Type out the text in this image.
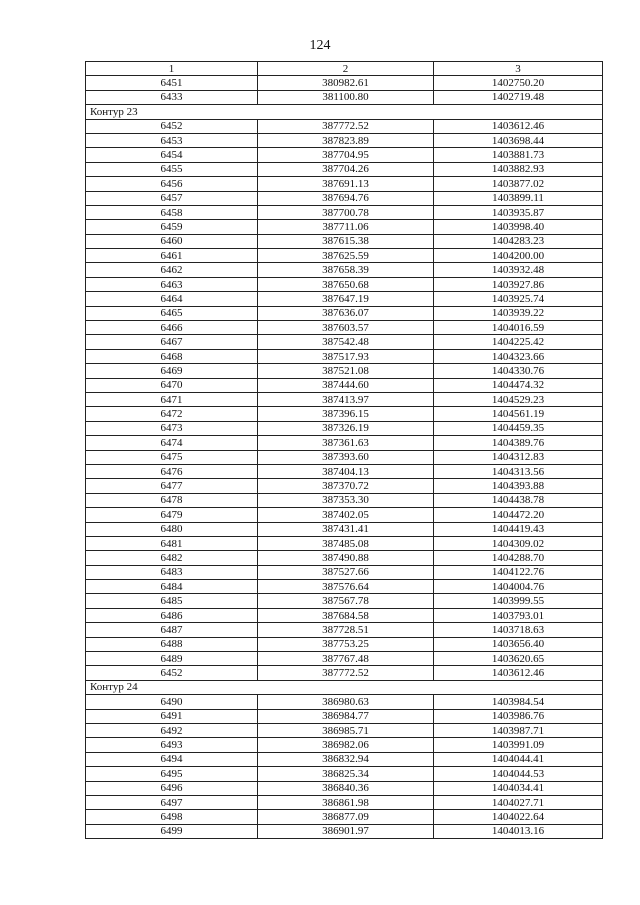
124
1	2	3
6451	380982.61	1402750.20
6433	381100.80	1402719.48
Контур 23		
6452	387772.52	1403612.46
6453	387823.89	1403698.44
6454	387704.95	1403881.73
6455	387704.26	1403882.93
6456	387691.13	1403877.02
6457	387694.76	1403899.11
6458	387700.78	1403935.87
6459	387711.06	1403998.40
6460	387615.38	1404283.23
6461	387625.59	1404200.00
6462	387658.39	1403932.48
6463	387650.68	1403927.86
6464	387647.19	1403925.74
6465	387636.07	1403939.22
6466	387603.57	1404016.59
6467	387542.48	1404225.42
6468	387517.93	1404323.66
6469	387521.08	1404330.76
6470	387444.60	1404474.32
6471	387413.97	1404529.23
6472	387396.15	1404561.19
6473	387326.19	1404459.35
6474	387361.63	1404389.76
6475	387393.60	1404312.83
6476	387404.13	1404313.56
6477	387370.72	1404393.88
6478	387353.30	1404438.78
6479	387402.05	1404472.20
6480	387431.41	1404419.43
6481	387485.08	1404309.02
6482	387490.88	1404288.70
6483	387527.66	1404122.76
6484	387576.64	1404004.76
6485	387567.78	1403999.55
6486	387684.58	1403793.01
6487	387728.51	1403718.63
6488	387753.25	1403656.40
6489	387767.48	1403620.65
6452	387772.52	1403612.46
Контур 24		
6490	386980.63	1403984.54
6491	386984.77	1403986.76
6492	386985.71	1403987.71
6493	386982.06	1403991.09
6494	386832.94	1404044.41
6495	386825.34	1404044.53
6496	386840.36	1404034.41
6497	386861.98	1404027.71
6498	386877.09	1404022.64
6499	386901.97	1404013.16
